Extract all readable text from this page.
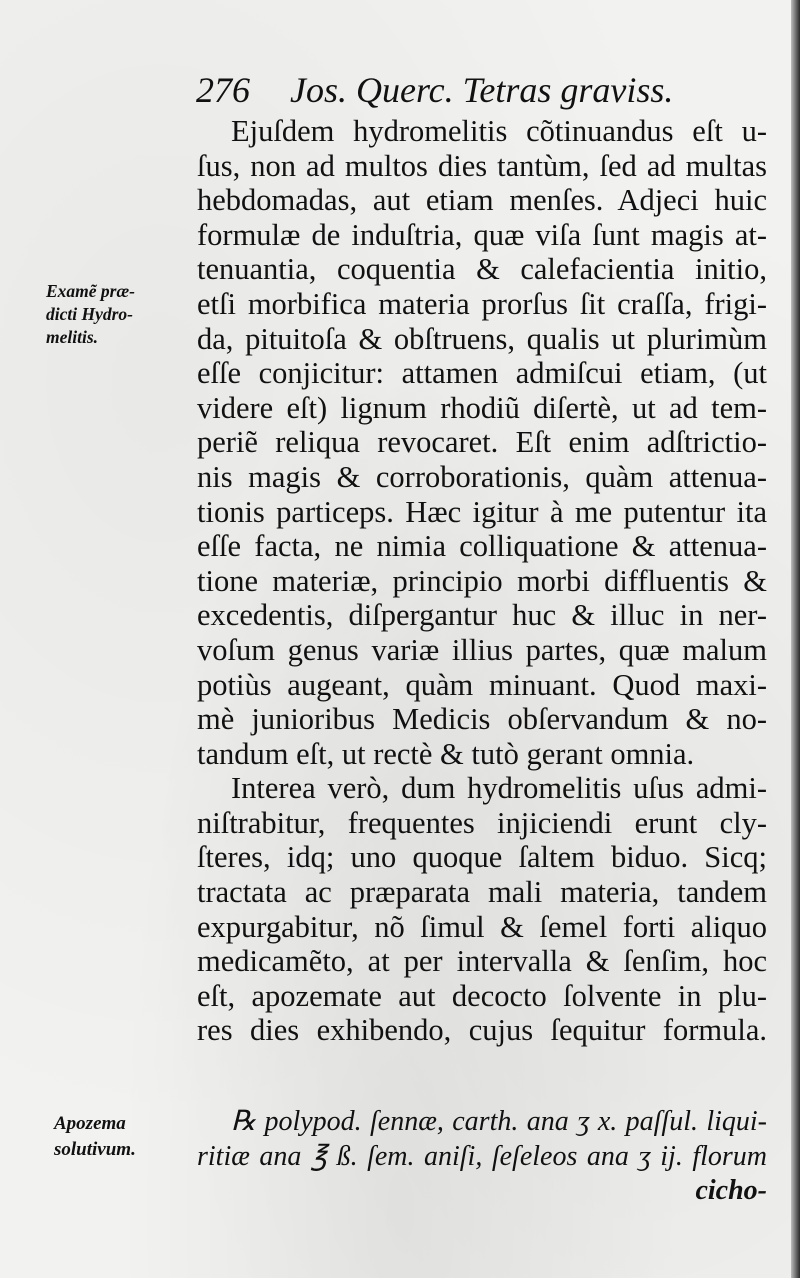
276 Jos. Querc. Tetras graviss.
Examẽ præ-
dicti Hydro-
melitis.
Apozema
solutivum.
Ejuſdem hydromelitis cõtinuandus eſt u-
ſus, non ad multos dies tantùm, ſed ad multas
hebdomadas, aut etiam menſes. Adjeci huic
formulæ de induſtria, quæ viſa ſunt magis at-
tenuantia, coquentia & calefacientia initio,
etſi morbifica materia prorſus ſit craſſa, frigi-
da, pituitoſa & obſtruens, qualis ut plurimùm
eſſe conjicitur: attamen admiſcui etiam, (ut
videre eſt) lignum rhodiũ diſertè, ut ad tem-
periẽ reliqua revocaret. Eſt enim adſtrictio-
nis magis & corroborationis, quàm attenua-
tionis particeps. Hæc igitur à me putentur ita
eſſe facta, ne nimia colliquatione & attenua-
tione materiæ, principio morbi diffluentis &
excedentis, diſpergantur huc & illuc in ner-
voſum genus variæ illius partes, quæ malum
potiùs augeant, quàm minuant. Quod maxi-
mè junioribus Medicis obſervandum & no-
tandum eſt, ut rectè & tutò gerant omnia.
Interea verò, dum hydromelitis uſus admi-
niſtrabitur, frequentes injiciendi erunt cly-
ſteres, idq; uno quoque ſaltem biduo. Sicq;
tractata ac præparata mali materia, tandem
expurgabitur, nõ ſimul & ſemel forti aliquo
medicamẽto, at per intervalla & ſenſim, hoc
eſt, apozemate aut decocto ſolvente in plu-
res dies exhibendo, cujus ſequitur formula.
℞ polypod. ſennæ, carth. ana ʒ x. paſſul. liqui-
ritiæ ana ℥ ß. ſem. aniſi, ſeſeleos ana ʒ ij. florum
cicho-
